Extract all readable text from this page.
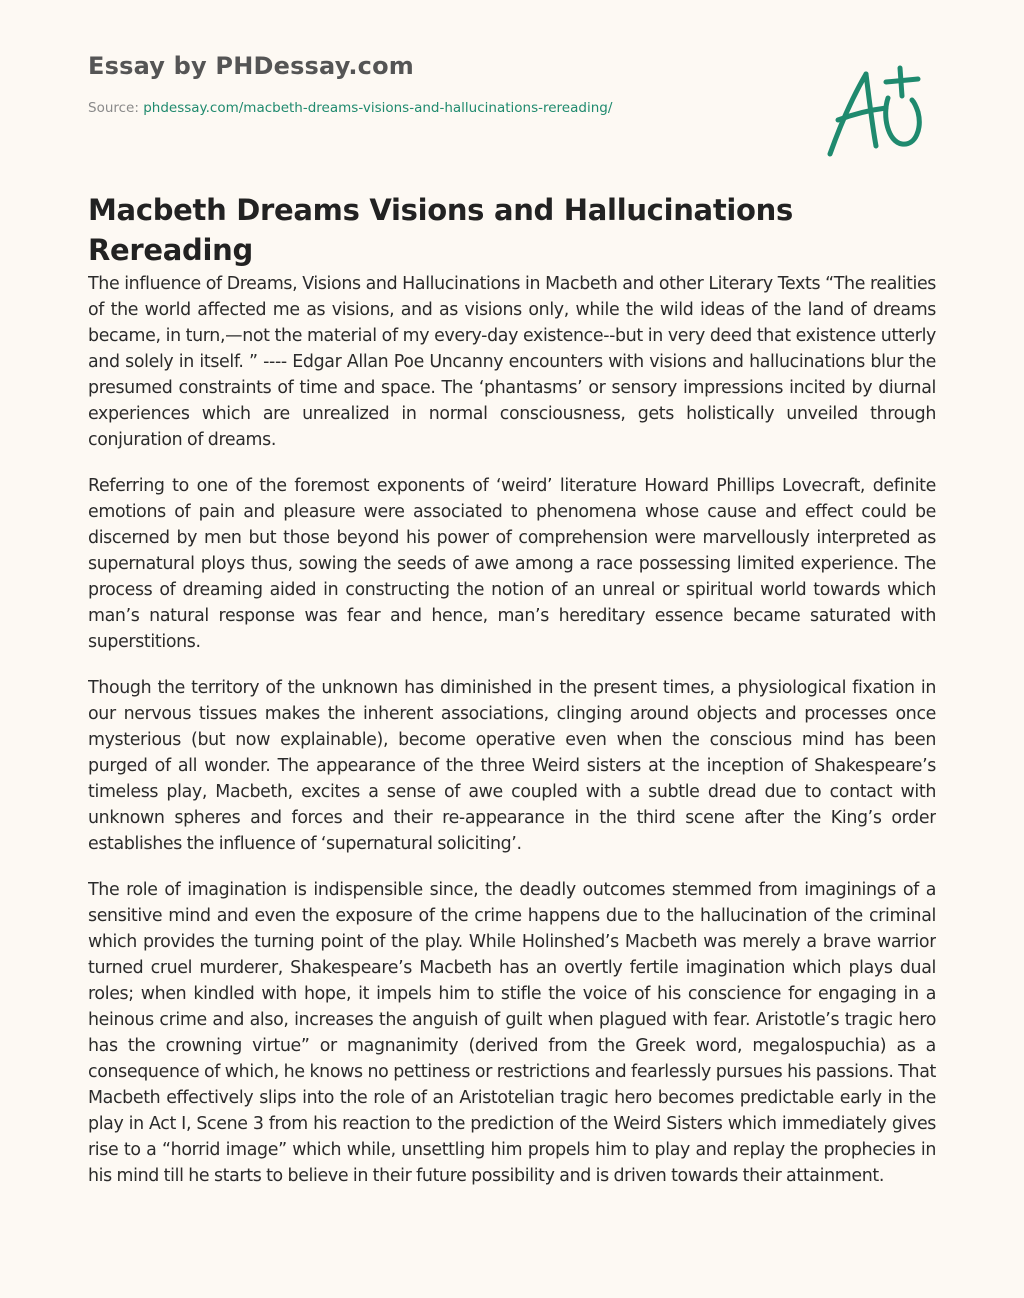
Essay by PHDessay.com
Source: phdessay.com/macbeth-dreams-visions-and-hallucinations-rereading/
Macbeth Dreams Visions and Hallucinations Rereading

The influence of Dreams, Visions and Hallucinations in Macbeth and other Literary Texts “The realities of the world affected me as visions, and as visions only, while the wild ideas of the land of dreams became, in turn,—not the material of my every-day existence--but in very deed that existence utterly and solely in itself. ” ---- Edgar Allan Poe Uncanny encounters with visions and hallucinations blur the presumed constraints of time and space. The ‘phantasms’ or sensory impressions incited by diurnal experiences which are unrealized in normal consciousness, gets holistically unveiled through conjuration of dreams.

Referring to one of the foremost exponents of ‘weird’ literature Howard Phillips Lovecraft, definite emotions of pain and pleasure were associated to phenomena whose cause and effect could be discerned by men but those beyond his power of comprehension were marvellously interpreted as supernatural ploys thus, sowing the seeds of awe among a race possessing limited experience. The process of dreaming aided in constructing the notion of an unreal or spiritual world towards which man’s natural response was fear and hence, man’s hereditary essence became saturated with superstitions.

Though the territory of the unknown has diminished in the present times, a physiological fixation in our nervous tissues makes the inherent associations, clinging around objects and processes once mysterious (but now explainable), become operative even when the conscious mind has been purged of all wonder. The appearance of the three Weird sisters at the inception of Shakespeare’s timeless play, Macbeth, excites a sense of awe coupled with a subtle dread due to contact with unknown spheres and forces and their re-appearance in the third scene after the King’s order establishes the influence of ‘supernatural soliciting’.

The role of imagination is indispensible since, the deadly outcomes stemmed from imaginings of a sensitive mind and even the exposure of the crime happens due to the hallucination of the criminal which provides the turning point of the play. While Holinshed’s Macbeth was merely a brave warrior turned cruel murderer, Shakespeare’s Macbeth has an overtly fertile imagination which plays dual roles; when kindled with hope, it impels him to stifle the voice of his conscience for engaging in a heinous crime and also, increases the anguish of guilt when plagued with fear. Aristotle’s tragic hero has the crowning virtue” or magnanimity (derived from the Greek word, megalospuchia) as a consequence of which, he knows no pettiness or restrictions and fearlessly pursues his passions. That Macbeth effectively slips into the role of an Aristotelian tragic hero becomes predictable early in the play in Act I, Scene 3 from his reaction to the prediction of the Weird Sisters which immediately gives rise to a “horrid image” which while, unsettling him propels him to play and replay the prophecies in his mind till he starts to believe in their future possibility and is driven towards their attainment.
